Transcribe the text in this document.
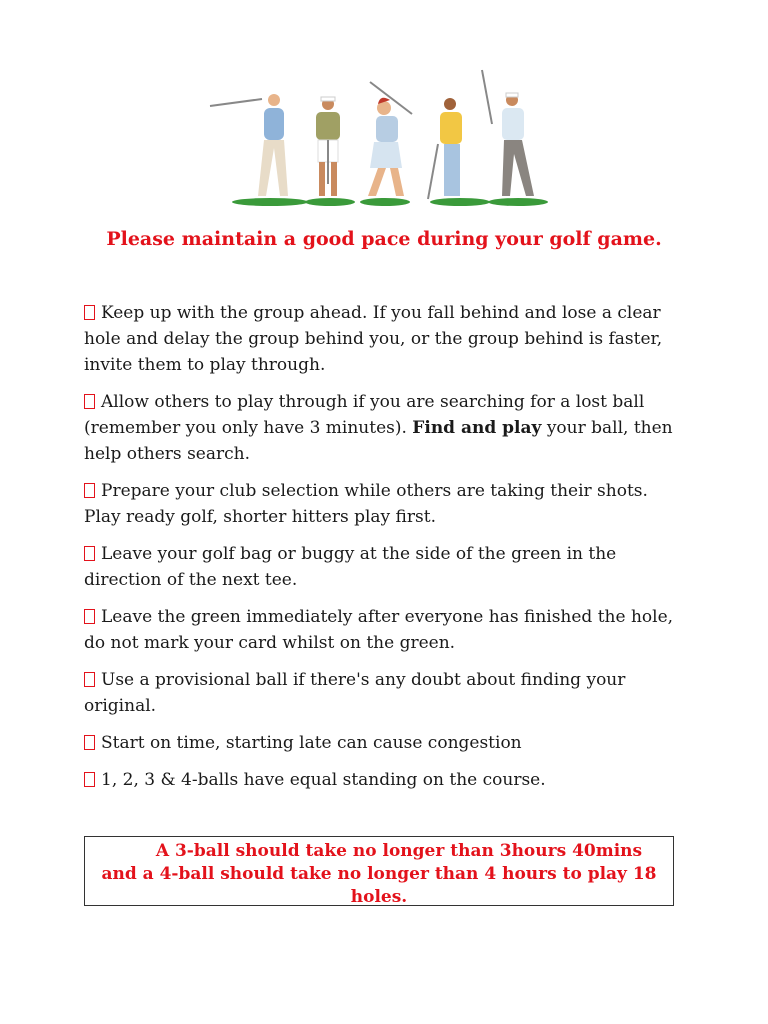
Please maintain a good pace during your golf game.
Keep up with the group ahead. If you fall behind and lose a clear hole and delay the group behind you, or the group behind is faster, invite them to play through.
Allow others to play through if you are searching for a lost ball (remember you only have 3 minutes). Find and play your ball, then help others search.
Prepare your club selection while others are taking their shots. Play ready golf, shorter hitters play first.
Leave your golf bag or buggy at the side of the green in the direction of the next tee.
Leave the green immediately after everyone has finished the hole, do not mark your card whilst on the green.
Use a provisional ball if there's any doubt about finding your original.
Start on time, starting late can cause congestion
1, 2, 3 & 4-balls have equal standing on the course.
A 3-ball should take no longer than 3hours 40mins
and a 4-ball should take no longer than 4 hours to play 18 holes.
